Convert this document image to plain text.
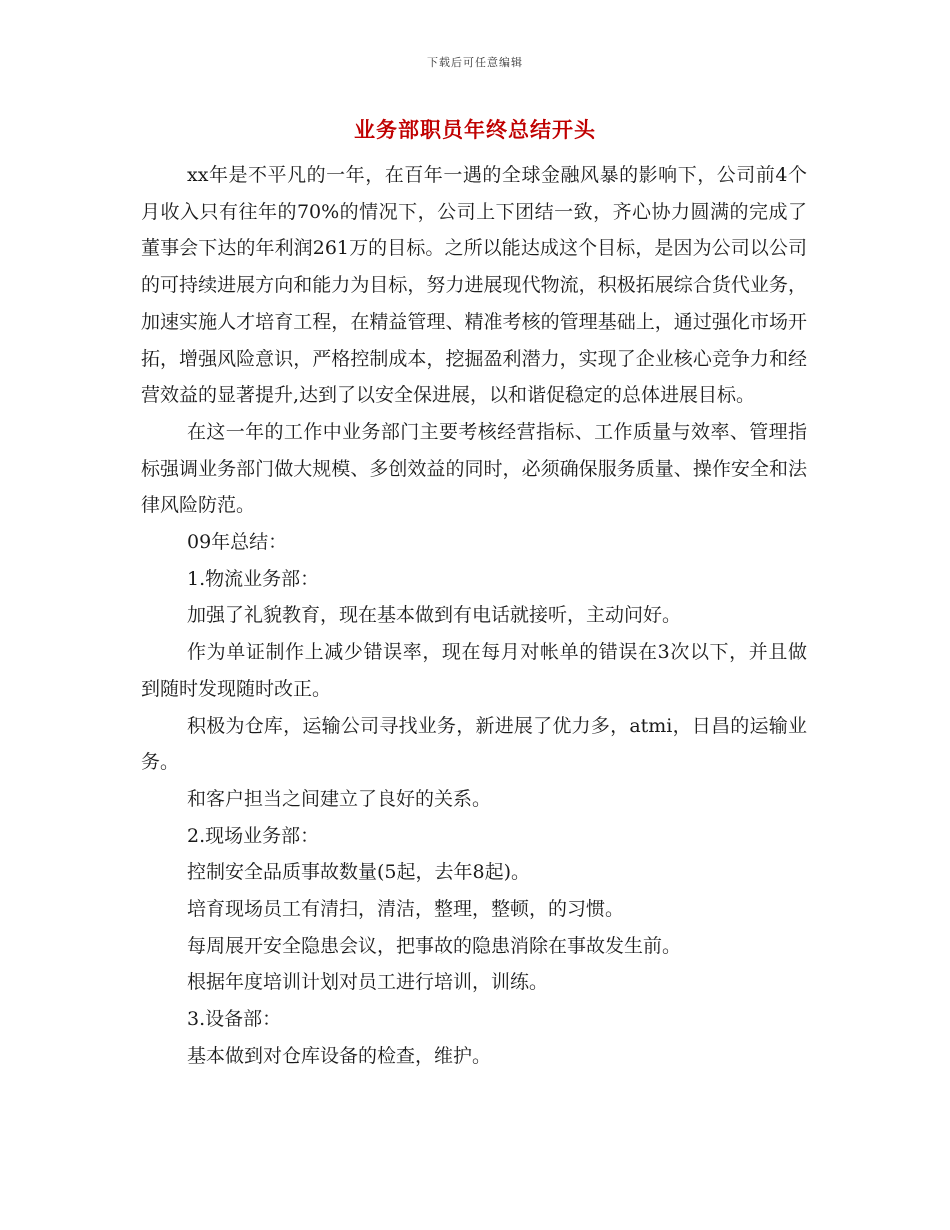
下载后可任意编辑
业务部职员年终总结开头

xx年是不平凡的一年，在百年一遇的全球金融风暴的影响下，公司前4个月收入只有往年的70%的情况下，公司上下团结一致，齐心协力圆满的完成了董事会下达的年利润261万的目标。之所以能达成这个目标，是因为公司以公司的可持续进展方向和能力为目标，努力进展现代物流，积极拓展综合货代业务，加速实施人才培育工程，在精益管理、精准考核的管理基础上，通过强化市场开拓，增强风险意识，严格控制成本，挖掘盈利潜力，实现了企业核心竞争力和经营效益的显著提升,达到了以安全保进展，以和谐促稳定的总体进展目标。

在这一年的工作中业务部门主要考核经营指标、工作质量与效率、管理指标强调业务部门做大规模、多创效益的同时，必须确保服务质量、操作安全和法律风险防范。

09年总结：

1.物流业务部：

加强了礼貌教育，现在基本做到有电话就接听，主动问好。

作为单证制作上减少错误率，现在每月对帐单的错误在3次以下，并且做到随时发现随时改正。

积极为仓库，运输公司寻找业务，新进展了优力多，atmi，日昌的运输业务。

和客户担当之间建立了良好的关系。

2.现场业务部：

控制安全品质事故数量(5起，去年8起)。

培育现场员工有清扫，清洁，整理，整顿，的习惯。

每周展开安全隐患会议，把事故的隐患消除在事故发生前。

根据年度培训计划对员工进行培训，训练。

3.设备部：

基本做到对仓库设备的检查，维护。
